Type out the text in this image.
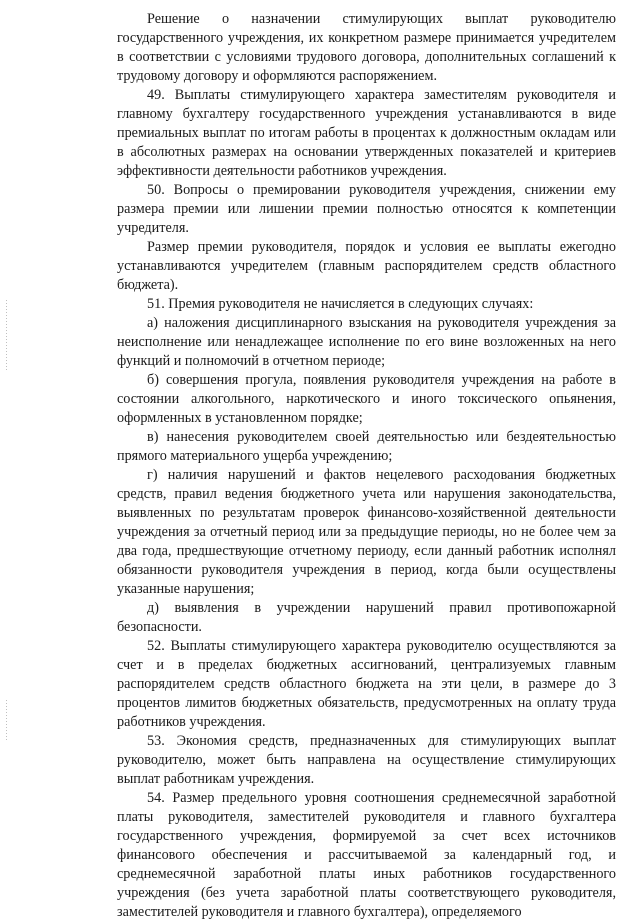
Решение о назначении стимулирующих выплат руководителю государственного учреждения, их конкретном размере принимается учредителем в соответствии с условиями трудового договора, дополнительных соглашений к трудовому договору и оформляются распоряжением.

49. Выплаты стимулирующего характера заместителям руководителя и главному бухгалтеру государственного учреждения устанавливаются в виде премиальных выплат по итогам работы в процентах к должностным окладам или в абсолютных размерах на основании утвержденных показателей и критериев эффективности деятельности работников учреждения.

50. Вопросы о премировании руководителя учреждения, снижении ему размера премии или лишении премии полностью относятся к компетенции учредителя.

Размер премии руководителя, порядок и условия ее выплаты ежегодно устанавливаются учредителем (главным распорядителем средств областного бюджета).

51. Премия руководителя не начисляется в следующих случаях:

а) наложения дисциплинарного взыскания на руководителя учреждения за неисполнение или ненадлежащее исполнение по его вине возложенных на него функций и полномочий в отчетном периоде;

б) совершения прогула, появления руководителя учреждения на работе в состоянии алкогольного, наркотического и иного токсического опьянения, оформленных в установленном порядке;

в) нанесения руководителем своей деятельностью или бездеятельностью прямого материального ущерба учреждению;

г) наличия нарушений и фактов нецелевого расходования бюджетных средств, правил ведения бюджетного учета или нарушения законодательства, выявленных по результатам проверок финансово-хозяйственной деятельности учреждения за отчетный период или за предыдущие периоды, но не более чем за два года, предшествующие отчетному периоду, если данный работник исполнял обязанности руководителя учреждения в период, когда были осуществлены указанные нарушения;

д) выявления в учреждении нарушений правил противопожарной безопасности.

52. Выплаты стимулирующего характера руководителю осуществляются за счет и в пределах бюджетных ассигнований, централизуемых главным распорядителем средств областного бюджета на эти цели, в размере до 3 процентов лимитов бюджетных обязательств, предусмотренных на оплату труда работников учреждения.

53. Экономия средств, предназначенных для стимулирующих выплат руководителю, может быть направлена на осуществление стимулирующих выплат работникам учреждения.

54. Размер предельного уровня соотношения среднемесячной заработной платы руководителя, заместителей руководителя и главного бухгалтера государственного учреждения, формируемой за счет всех источников финансового обеспечения и рассчитываемой за календарный год, и среднемесячной заработной платы иных работников государственного учреждения (без учета заработной платы соответствующего руководителя, заместителей руководителя и главного бухгалтера), определяемого
